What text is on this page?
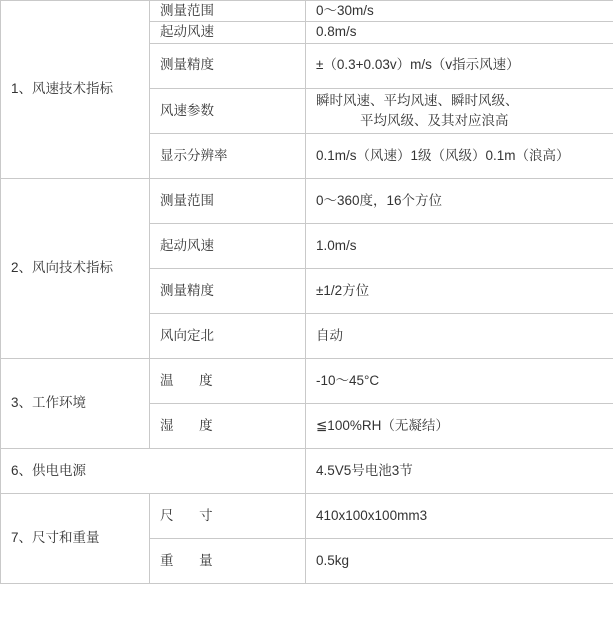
1、风速技术指标	测量范围	0～30m/s
	起动风速	0.8m/s
	测量精度	±（0.3+0.03v）m/s（v指示风速）
	风速参数	瞬时风速、平均风速、瞬时风级、
平均风级、及其对应浪高

	显示分辨率	0.1m/s（风速）1级（风级）0.1m（浪高）
2、风向技术指标	测量范围	0～360度，16个方位
	起动风速	1.0m/s
	测量精度	±1/2方位
	风向定北	自动
3、工作环境	温　度	-10～45°C
	湿　度	≦100%RH（无凝结）
6、供电电源		4.5V5号电池3节
7、尺寸和重量	尺　寸	410x100x100mm3
	重　量	0.5kg
